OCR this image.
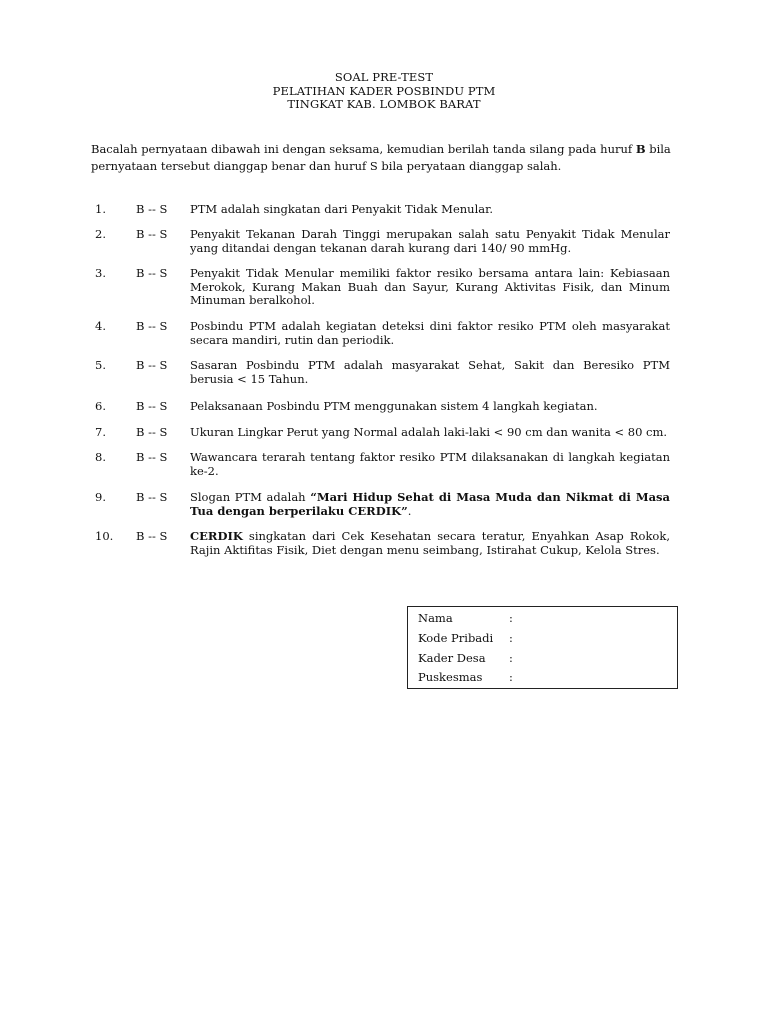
SOAL PRE-TEST
PELATIHAN KADER POSBINDU PTM
TINGKAT KAB. LOMBOK BARAT
Bacalah pernyataan dibawah ini dengan seksama, kemudian berilah tanda silang pada huruf B bila pernyataan tersebut dianggap benar dan huruf S bila peryataan dianggap salah.
1.	B -- S PTM adalah singkatan dari Penyakit Tidak Menular.
2.	B -- S Penyakit Tekanan Darah Tinggi merupakan salah satu Penyakit Tidak Menular yang ditandai dengan tekanan darah kurang dari 140/ 90 mmHg.
3.	B -- S Penyakit Tidak Menular memiliki faktor resiko bersama antara lain: Kebiasaan Merokok, Kurang Makan Buah dan Sayur, Kurang Aktivitas Fisik, dan Minum Minuman beralkohol.
4.	B -- S Posbindu PTM adalah kegiatan deteksi dini faktor resiko PTM oleh masyarakat secara mandiri, rutin dan periodik.
5.	B -- S Sasaran Posbindu PTM adalah masyarakat Sehat, Sakit dan Beresiko PTM berusia < 15 Tahun.
6.	B -- S Pelaksanaan Posbindu PTM menggunakan sistem 4 langkah kegiatan.
7.	B -- S Ukuran Lingkar Perut yang Normal adalah laki-laki < 90 cm dan wanita < 80 cm.
8.	B -- S Wawancara terarah tentang faktor resiko PTM dilaksanakan di langkah kegiatan ke-2.
9.	B -- S Slogan PTM adalah “Mari Hidup Sehat di Masa Muda dan Nikmat di Masa Tua dengan berperilaku CERDIK”.
10. B -- S CERDIK singkatan dari Cek Kesehatan secara teratur, Enyahkan Asap Rokok, Rajin Aktifitas Fisik, Diet dengan menu seimbang, Istirahat Cukup, Kelola Stres.
Nama	:
Kode Pribadi :
Kader Desa :
Puskesmas :
